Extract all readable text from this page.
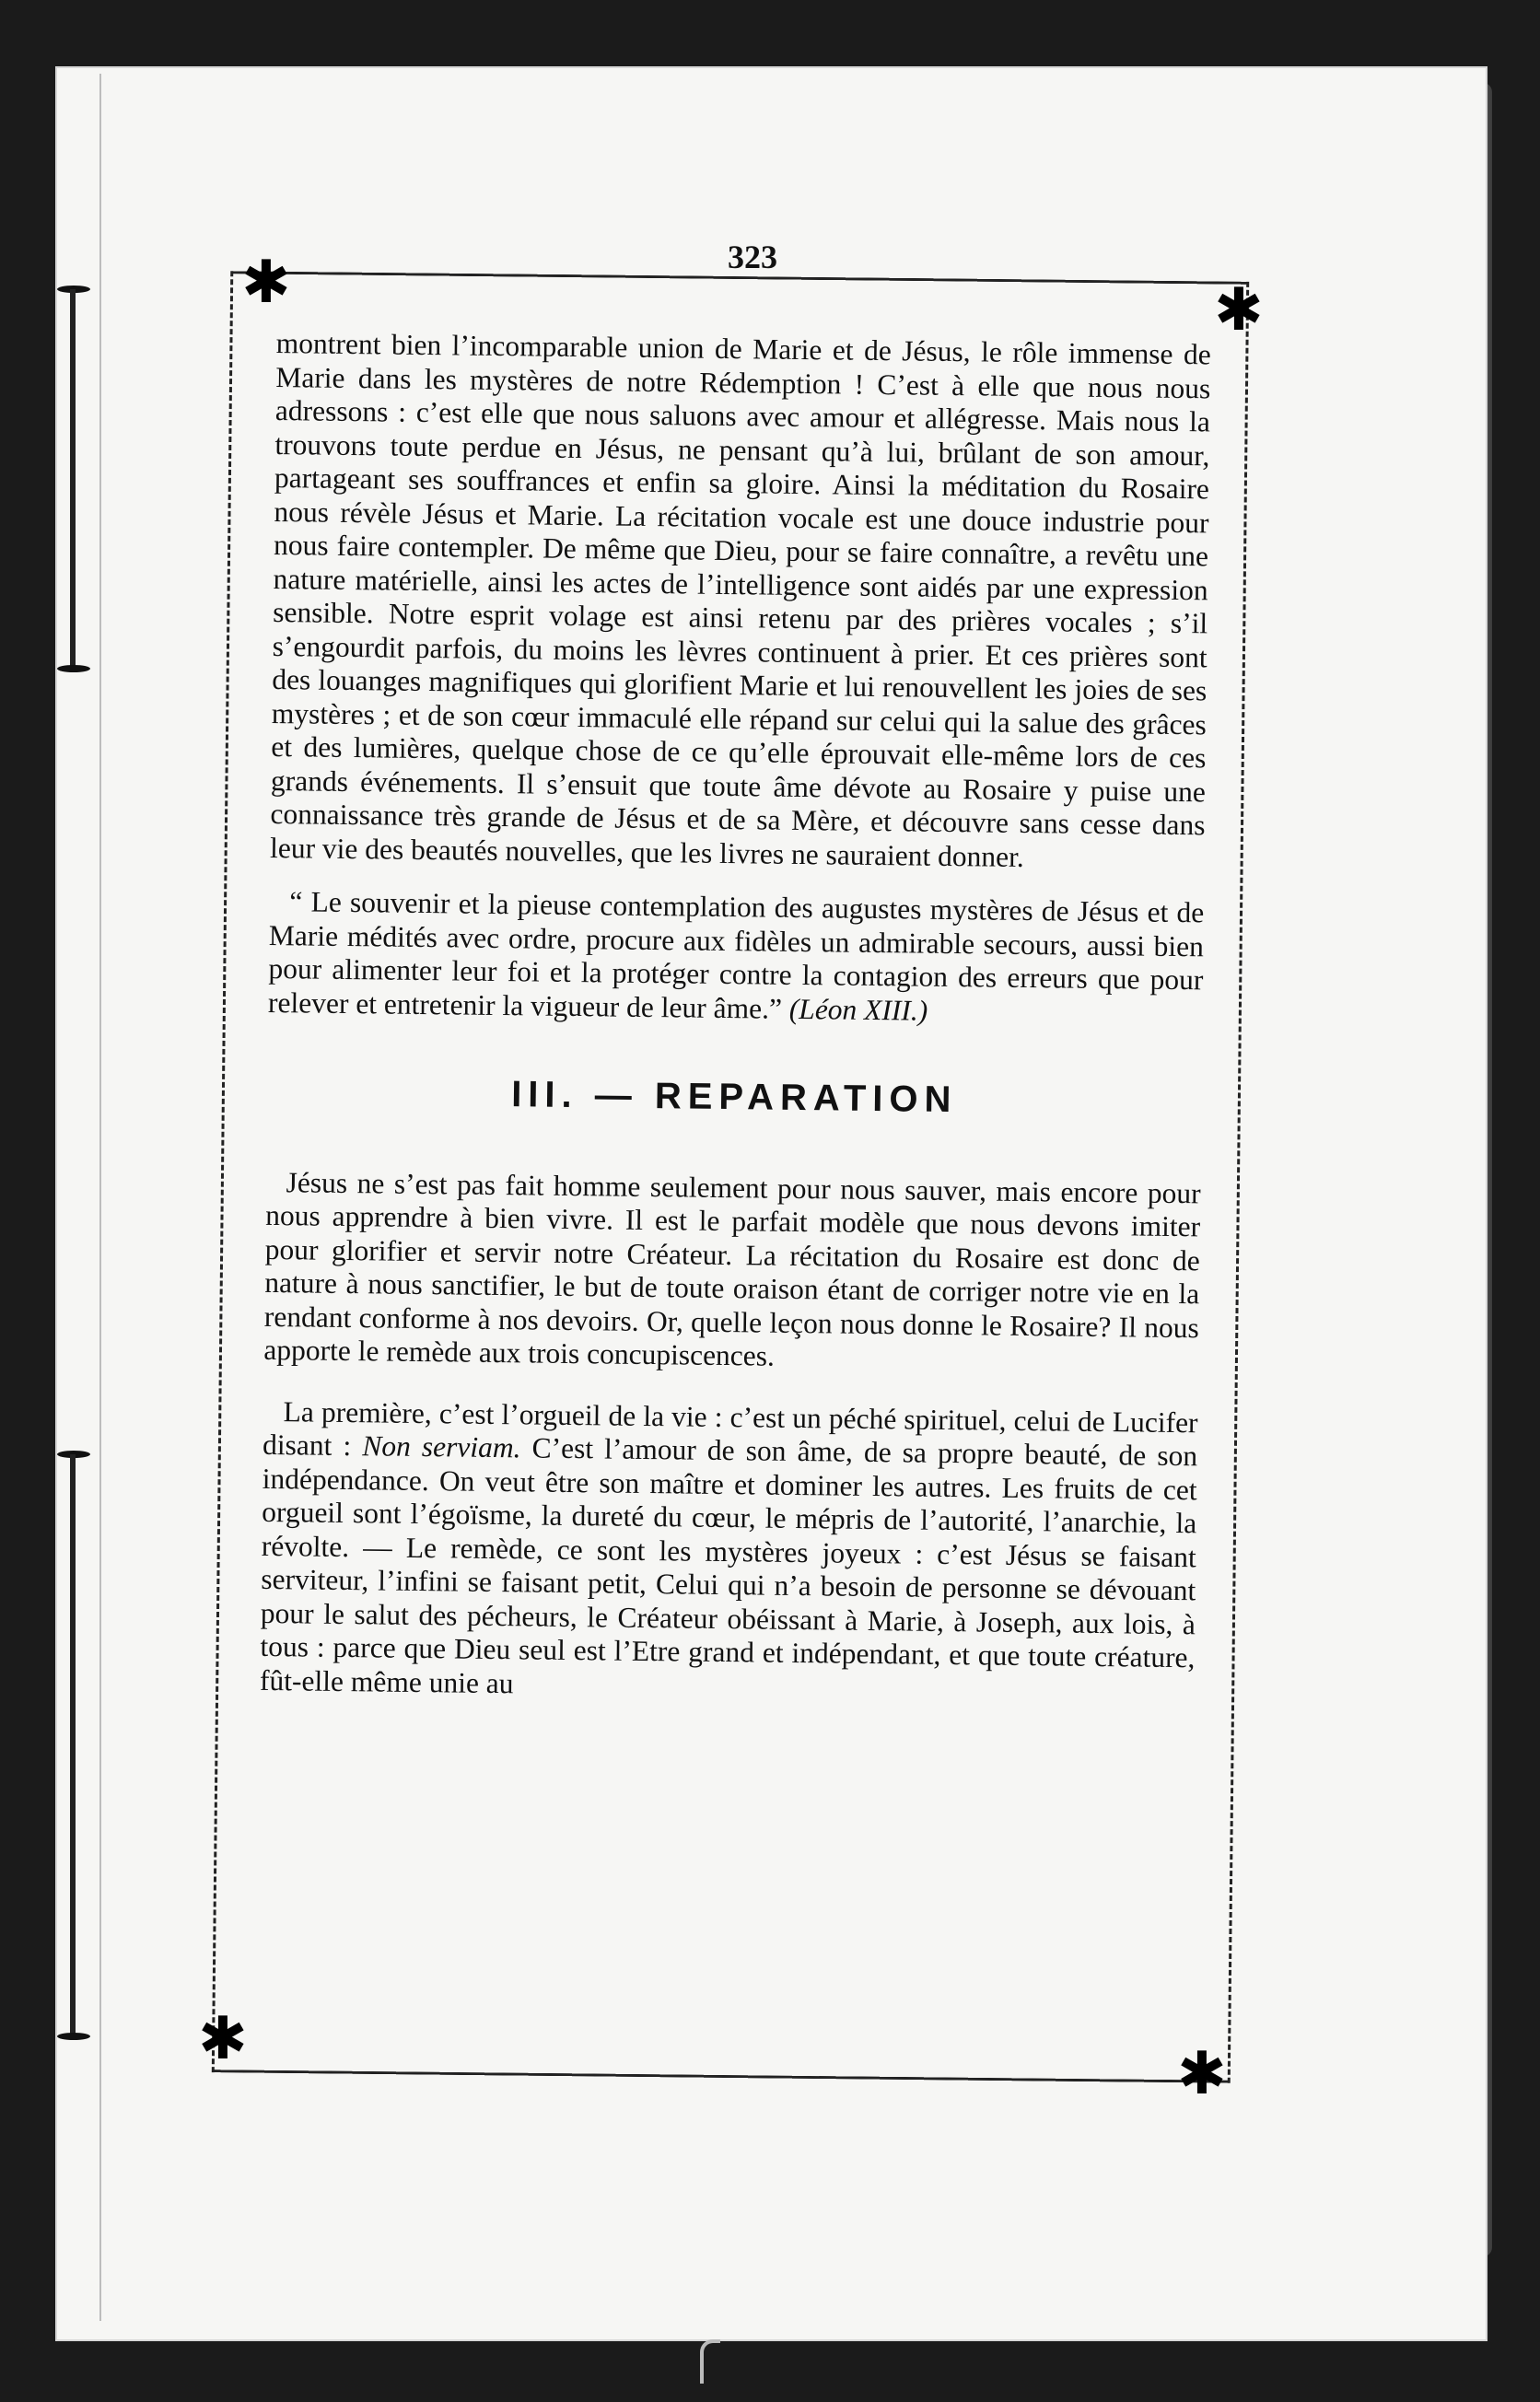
323
✱	✱
✱
✱

montrent bien l’incomparable union de Marie et de Jésus, le rôle immense de Marie dans les mystères de notre Rédemption ! C’est à elle que nous nous adressons : c’est elle que nous saluons avec amour et allégresse. Mais nous la trouvons toute perdue en Jésus, ne pensant qu’à lui, brûlant de son amour, partageant ses souffrances et enfin sa gloire. Ainsi la méditation du Rosaire nous révèle Jésus et Marie. La récitation vocale est une douce industrie pour nous faire contempler. De même que Dieu, pour se faire connaître, a revêtu une nature matérielle, ainsi les actes de l’intelligence sont aidés par une expression sensible. Notre esprit volage est ainsi retenu par des prières vocales ; s’il s’engourdit parfois, du moins les lèvres continuent à prier. Et ces prières sont des louanges magnifiques qui glorifient Marie et lui renouvellent les joies de ses mystères ; et de son cœur immaculé elle répand sur celui qui la salue des grâces et des lumières, quelque chose de ce qu’elle éprouvait elle-même lors de ces grands événements. Il s’ensuit que toute âme dévote au Rosaire y puise une connaissance très grande de Jésus et de sa Mère, et découvre sans cesse dans leur vie des beautés nouvelles, que les livres ne sauraient donner.

“ Le souvenir et la pieuse contemplation des augustes mystères de Jésus et de Marie médités avec ordre, procure aux fidèles un admirable secours, aussi bien pour alimenter leur foi et la protéger contre la contagion des erreurs que pour relever et entretenir la vigueur de leur âme.” (Léon XIII.)

III. — REPARATION

Jésus ne s’est pas fait homme seulement pour nous sauver, mais encore pour nous apprendre à bien vivre. Il est le parfait modèle que nous devons imiter pour glorifier et servir notre Créateur. La récitation du Rosaire est donc de nature à nous sanctifier, le but de toute oraison étant de corriger notre vie en la rendant conforme à nos devoirs. Or, quelle leçon nous donne le Rosaire? Il nous apporte le remède aux trois concupiscences.

La première, c’est l’orgueil de la vie : c’est un péché spirituel, celui de Lucifer disant : Non serviam. C’est l’amour de son âme, de sa propre beauté, de son indépendance. On veut être son maître et dominer les autres. Les fruits de cet orgueil sont l’égoïsme, la dureté du cœur, le mépris de l’autorité, l’anarchie, la révolte. — Le remède, ce sont les mystères joyeux : c’est Jésus se faisant serviteur, l’infini se faisant petit, Celui qui n’a besoin de personne se dévouant pour le salut des pécheurs, le Créateur obéissant à Marie, à Joseph, aux lois, à tous : parce que Dieu seul est l’Etre grand et indépendant, et que toute créature, fût-elle même unie au
